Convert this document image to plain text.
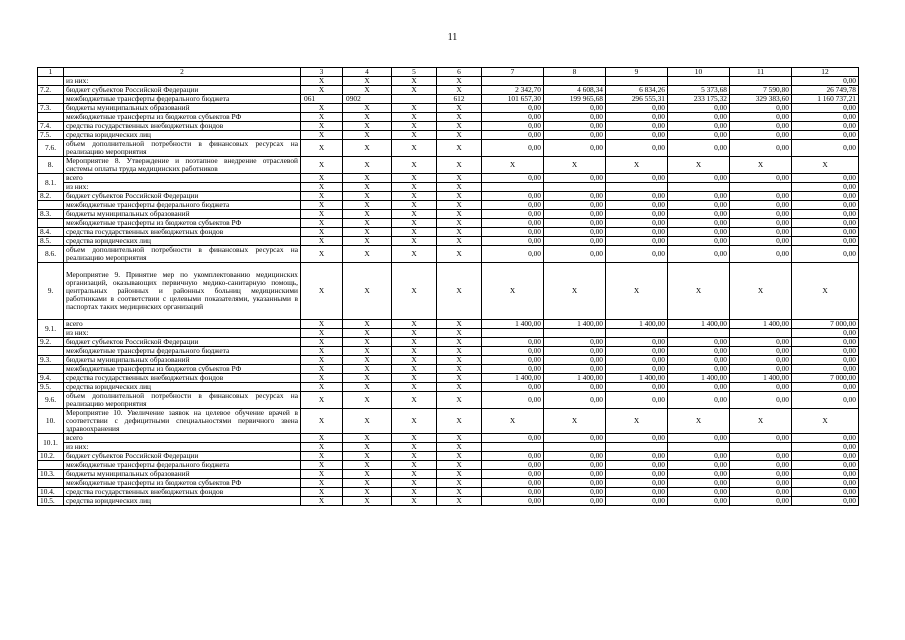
11
1	2	3	4	5	6	7	8	9	10	11	12
	из них:	X	X	X	X						0,00
7.2.	бюджет субъектов Российской Федерации	X	X	X	X	2 342,70	4 608,34	6 834,26	5 373,68	7 590,80	26 749,78
	межбюджетные трансферты федерального бюджета	061	0902		612	101 657,30	199 965,68	296 555,31	233 175,32	329 383,60	1 160 737,21
7.3.	бюджеты муниципальных образований	X	X	X	X	0,00	0,00	0,00	0,00	0,00	0,00
	межбюджетные трансферты из бюджетов субъектов РФ	X	X	X	X	0,00	0,00	0,00	0,00	0,00	0,00
7.4.	средства государственных внебюджетных фондов	X	X	X	X	0,00	0,00	0,00	0,00	0,00	0,00
7.5.	средства юридических лиц	X	X	X	X	0,00	0,00	0,00	0,00	0,00	0,00
7.6.	объем дополнительной потребности в финансовых ресурсах на реализацию мероприятия	X	X	X	X	0,00	0,00	0,00	0,00	0,00	0,00
8.	Мероприятие 8. Утверждение и поэтапное внедрение отраслевой системы оплаты труда медицинских работников	X	X	X	X	X	X	X	X	X	X
8.1.	всего	X	X	X	X	0,00	0,00	0,00	0,00	0,00	0,00
	из них:	X	X	X	X						0,00
8.2.	бюджет субъектов Российской Федерации	X	X	X	X	0,00	0,00	0,00	0,00	0,00	0,00
	межбюджетные трансферты федерального бюджета	X	X	X	X	0,00	0,00	0,00	0,00	0,00	0,00
8.3.	бюджеты муниципальных образований	X	X	X	X	0,00	0,00	0,00	0,00	0,00	0,00
	межбюджетные трансферты из бюджетов субъектов РФ	X	X	X	X	0,00	0,00	0,00	0,00	0,00	0,00
8.4.	средства государственных внебюджетных фондов	X	X	X	X	0,00	0,00	0,00	0,00	0,00	0,00
8.5.	средства юридических лиц	X	X	X	X	0,00	0,00	0,00	0,00	0,00	0,00
8.6.	объем дополнительной потребности в финансовых ресурсах на реализацию мероприятия	X	X	X	X	0,00	0,00	0,00	0,00	0,00	0,00
9.	Мероприятие 9. Принятие мер по укомплектованию медицинских организаций, оказывающих первичную медико-санитарную помощь, центральных районных и районных больниц медицинскими работниками в соответствии с целевыми показателями, указанными в паспортах таких медицинских организаций	X	X	X	X	X	X	X	X	X	X
9.1.	всего	X	X	X	X	1 400,00	1 400,00	1 400,00	1 400,00	1 400,00	7 000,00
	из них:	X	X	X	X						0,00
9.2.	бюджет субъектов Российской Федерации	X	X	X	X	0,00	0,00	0,00	0,00	0,00	0,00
	межбюджетные трансферты федерального бюджета	X	X	X	X	0,00	0,00	0,00	0,00	0,00	0,00
9.3.	бюджеты муниципальных образований	X	X	X	X	0,00	0,00	0,00	0,00	0,00	0,00
	межбюджетные трансферты из бюджетов субъектов РФ	X	X	X	X	0,00	0,00	0,00	0,00	0,00	0,00
9.4.	средства государственных внебюджетных фондов	X	X	X	X	1 400,00	1 400,00	1 400,00	1 400,00	1 400,00	7 000,00
9.5.	средства юридических лиц	X	X	X	X	0,00	0,00	0,00	0,00	0,00	0,00
9.6.	объем дополнительной потребности в финансовых ресурсах на реализацию мероприятия	X	X	X	X	0,00	0,00	0,00	0,00	0,00	0,00
10.	Мероприятие 10. Увеличение заявок на целевое обучение врачей в соответствии с дефицитными специальностями первичного звена здравоохранения	X	X	X	X	X	X	X	X	X	X
10.1.	всего	X	X	X	X	0,00	0,00	0,00	0,00	0,00	0,00
	из них:	X	X	X	X						0,00
10.2.	бюджет субъектов Российской Федерации	X	X	X	X	0,00	0,00	0,00	0,00	0,00	0,00
	межбюджетные трансферты федерального бюджета	X	X	X	X	0,00	0,00	0,00	0,00	0,00	0,00
10.3.	бюджеты муниципальных образований	X	X	X	X	0,00	0,00	0,00	0,00	0,00	0,00
	межбюджетные трансферты из бюджетов субъектов РФ	X	X	X	X	0,00	0,00	0,00	0,00	0,00	0,00
10.4.	средства государственных внебюджетных фондов	X	X	X	X	0,00	0,00	0,00	0,00	0,00	0,00
10.5.	средства юридических лиц	X	X	X	X	0,00	0,00	0,00	0,00	0,00	0,00
